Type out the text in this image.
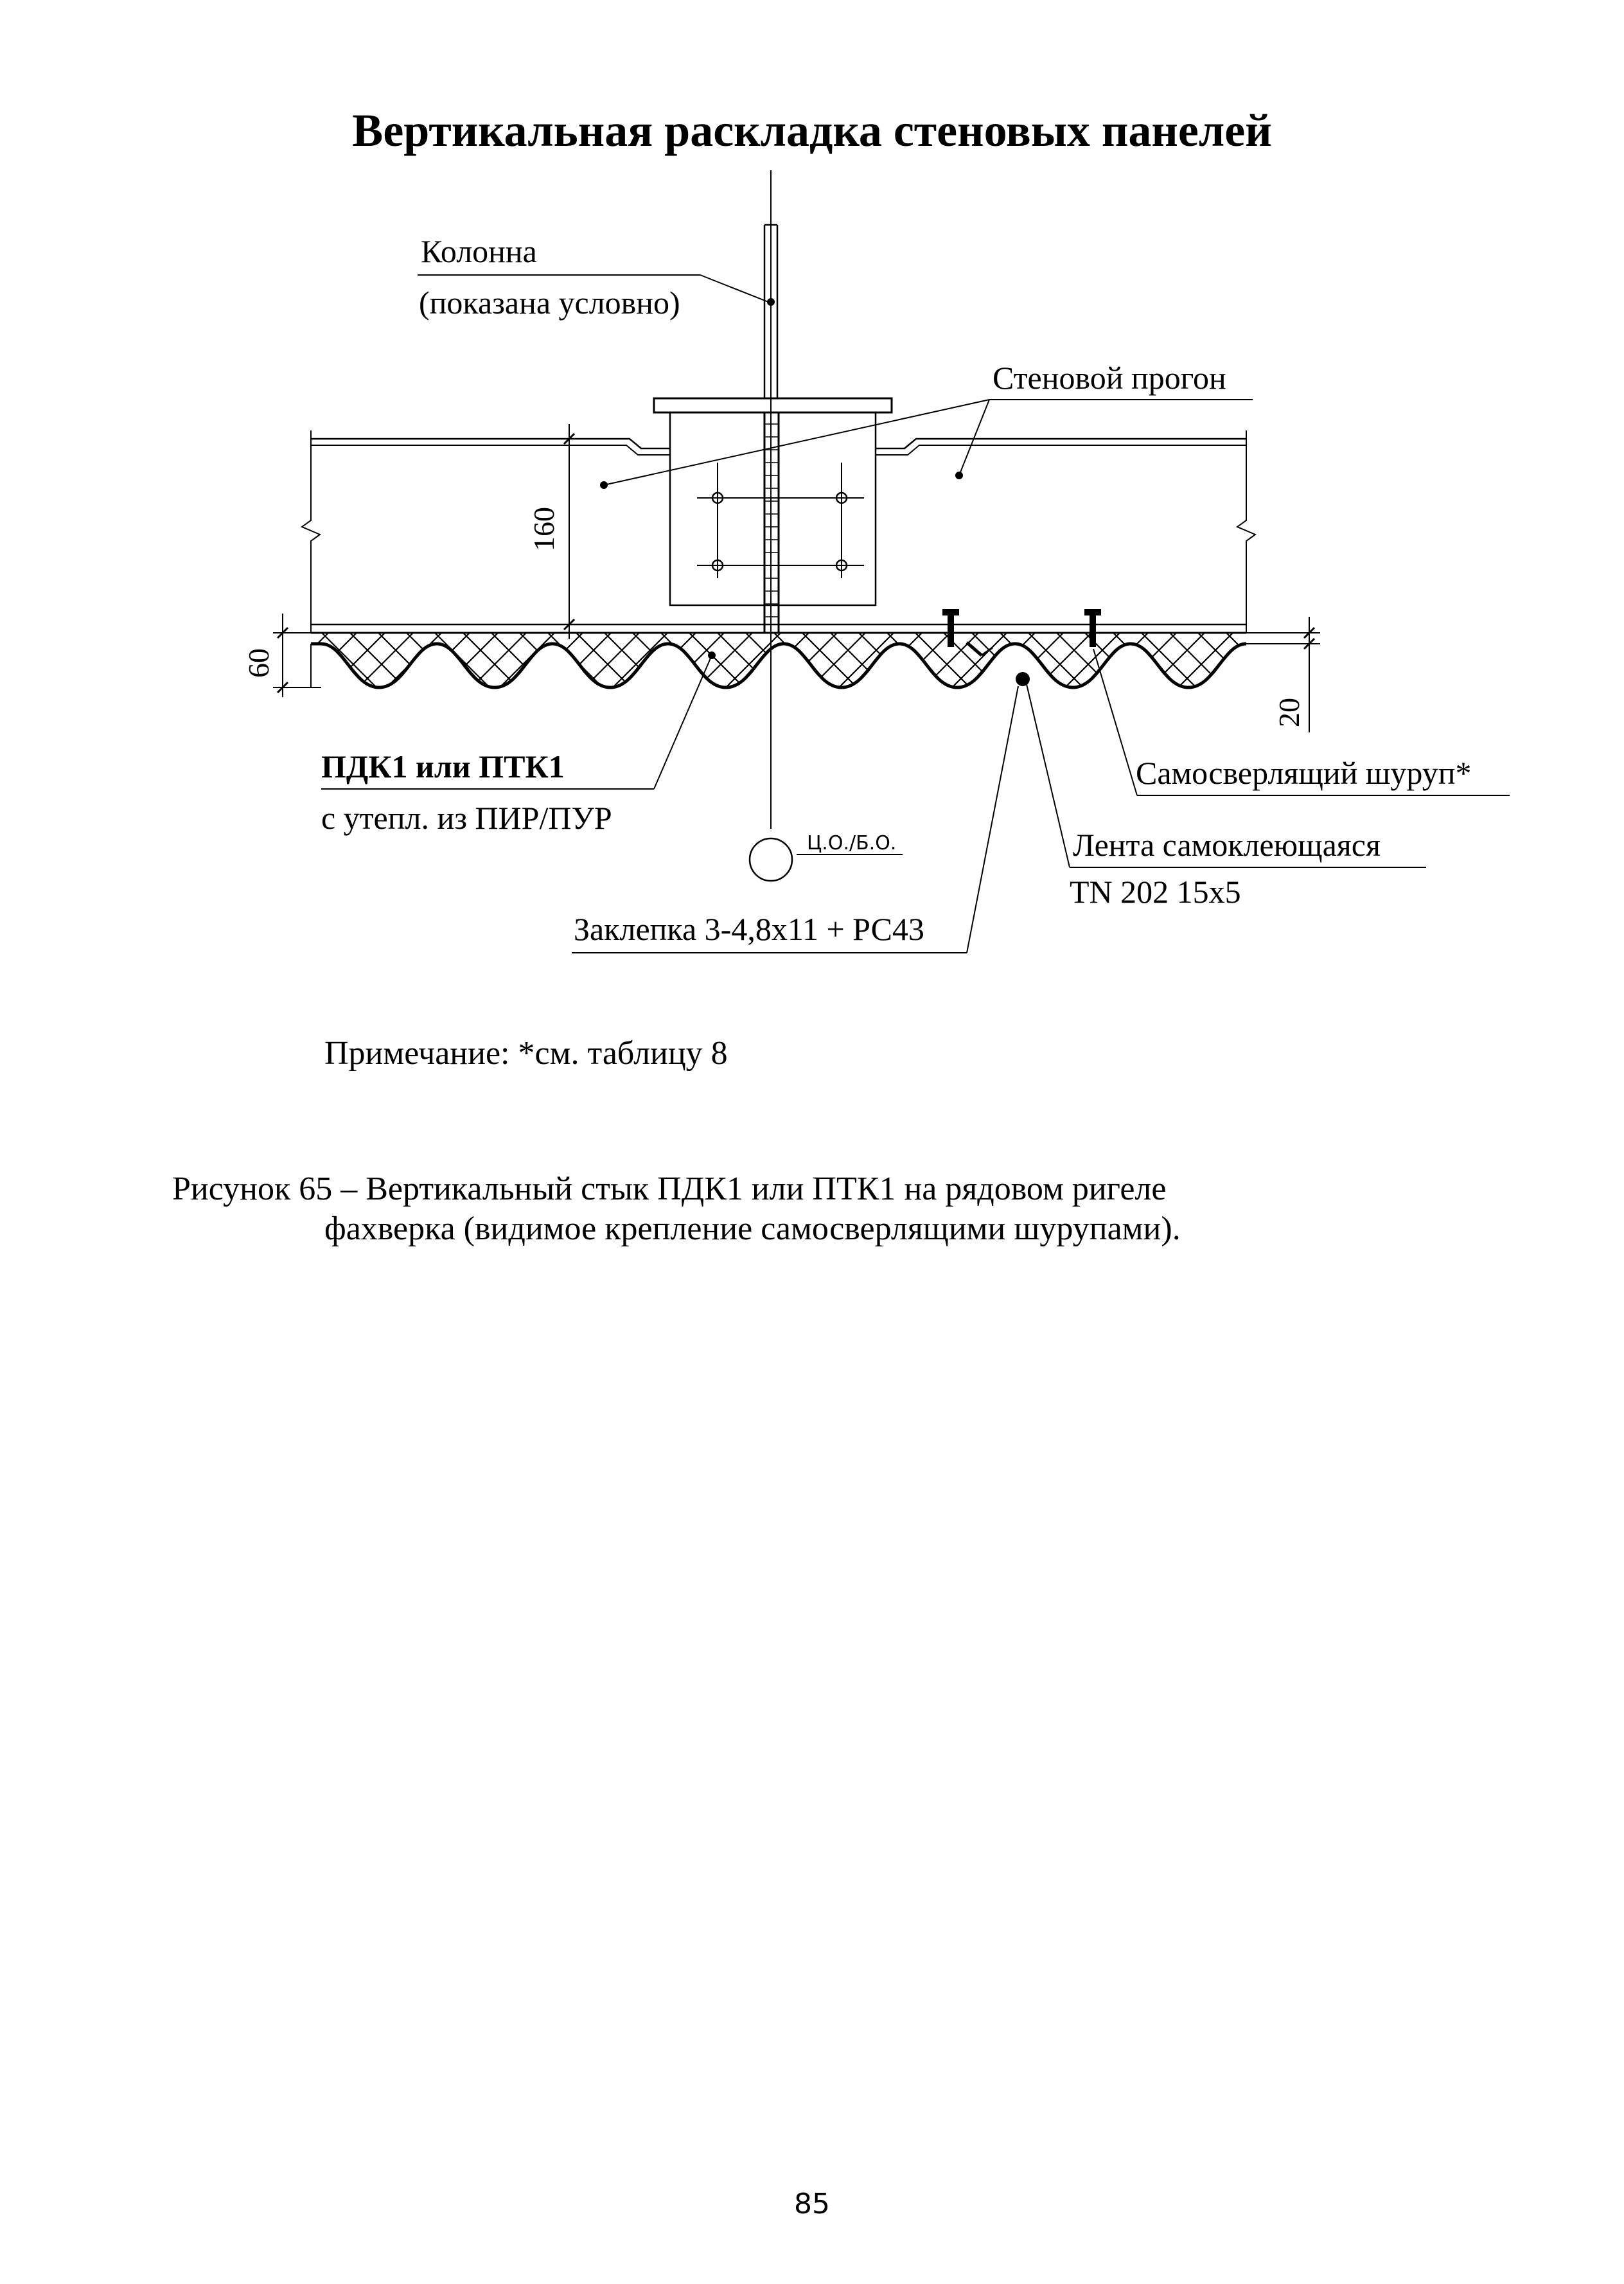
Вертикальная раскладка стеновых панелей
160
60
20
Колонна
(показана условно)
Стеновой прогон
ПДК1 или ПТК1
с утепл. из ПИР/ПУР
Самосверлящий шуруп*
Лента самоклеющаяся
TN 202 15x5
Заклепка 3-4,8x11 + РС43
Ц.О./Б.О.
Примечание: *см. таблицу 8
Рисунок 65 – Вертикальный стык ПДК1 или ПТК1 на рядовом ригеле
фахверка (видимое крепление самосверлящими шурупами).
85
